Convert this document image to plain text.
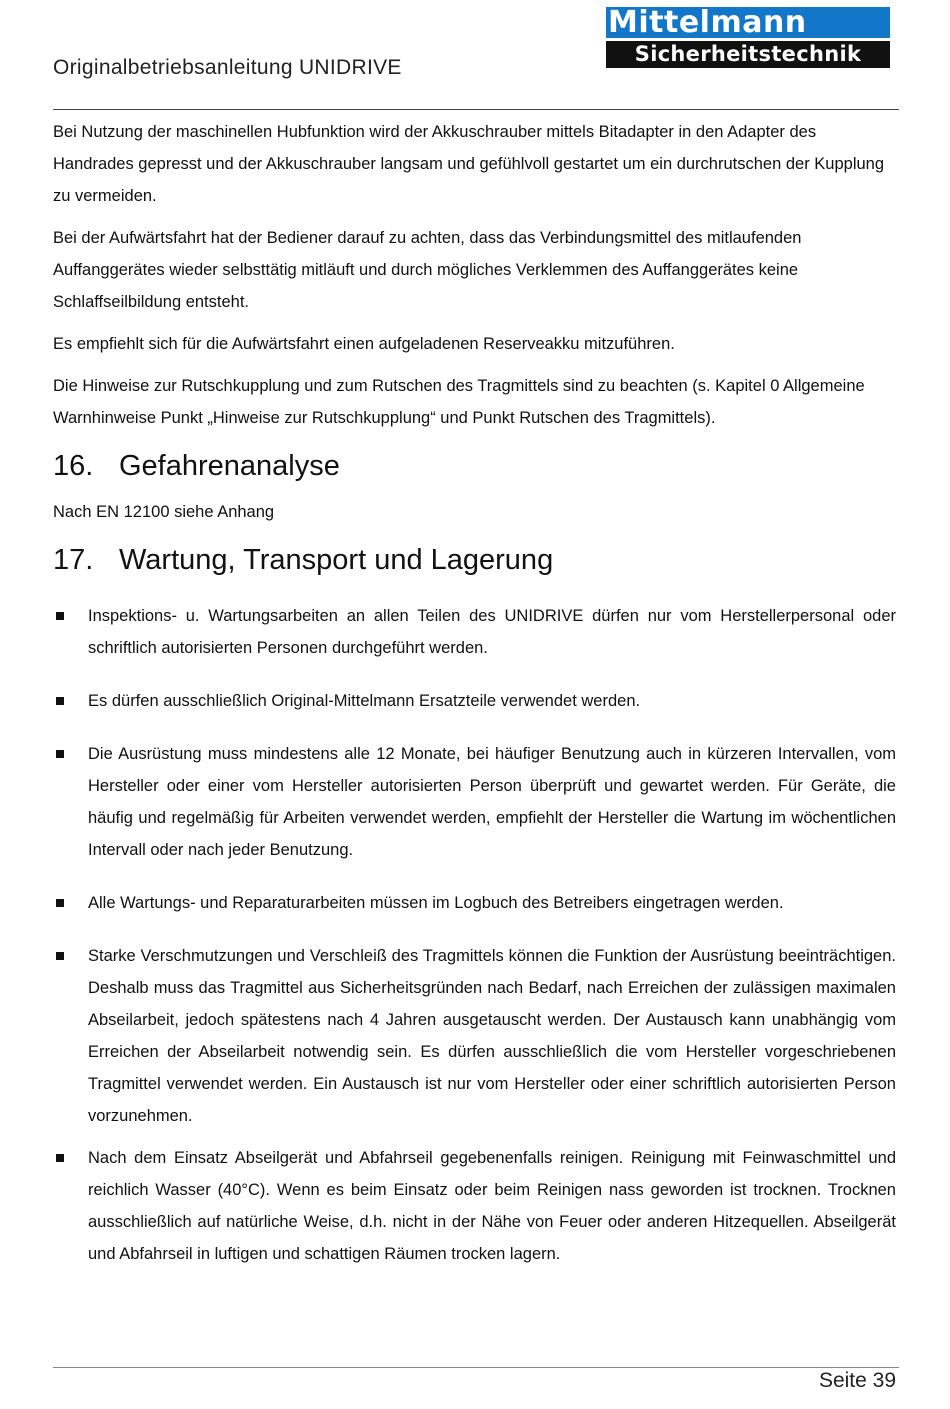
Originalbetriebsanleitung UNIDRIVE
Mittelmann
Sicherheitstechnik

Bei Nutzung der maschinellen Hubfunktion wird der Akkuschrauber mittels Bitadapter in den Adapter des Handrades gepresst und der Akkuschrauber langsam und gefühlvoll gestartet um ein durchrutschen der Kupplung zu vermeiden.

Bei der Aufwärtsfahrt hat der Bediener darauf zu achten, dass das Verbindungsmittel des mitlaufenden Auffanggerätes wieder selbsttätig mitläuft und durch mögliches Verklemmen des Auffanggerätes keine Schlaffseilbildung entsteht.

Es empfiehlt sich für die Aufwärtsfahrt einen aufgeladenen Reserveakku mitzuführen.

Die Hinweise zur Rutschkupplung und zum Rutschen des Tragmittels sind zu beachten (s. Kapitel 0 Allgemeine Warnhinweise Punkt „Hinweise zur Rutschkupplung“ und Punkt Rutschen des Tragmittels).

16. Gefahrenanalyse

Nach EN 12100 siehe Anhang

17. Wartung, Transport und Lagerung
Inspektions- u. Wartungsarbeiten an allen Teilen des UNIDRIVE dürfen nur vom Herstellerpersonal oder schriftlich autorisierten Personen durchgeführt werden.
Es dürfen ausschließlich Original-Mittelmann Ersatzteile verwendet werden.
Die Ausrüstung muss mindestens alle 12 Monate, bei häufiger Benutzung auch in kürzeren Intervallen, vom Hersteller oder einer vom Hersteller autorisierten Person überprüft und gewartet werden. Für Geräte, die häufig und regelmäßig für Arbeiten verwendet werden, empfiehlt der Hersteller die Wartung im wöchentlichen Intervall oder nach jeder Benutzung.
Alle Wartungs- und Reparaturarbeiten müssen im Logbuch des Betreibers eingetragen werden.
Starke Verschmutzungen und Verschleiß des Tragmittels können die Funktion der Ausrüstung beeinträchtigen. Deshalb muss das Tragmittel aus Sicherheitsgründen nach Bedarf, nach Erreichen der zulässigen maximalen Abseilarbeit, jedoch spätestens nach 4 Jahren ausgetauscht werden. Der Austausch kann unabhängig vom Erreichen der Abseilarbeit notwendig sein. Es dürfen ausschließlich die vom Hersteller vorgeschriebenen Tragmittel verwendet werden. Ein Austausch ist nur vom Hersteller oder einer schriftlich autorisierten Person vorzunehmen.
Nach dem Einsatz Abseilgerät und Abfahrseil gegebenenfalls reinigen. Reinigung mit Feinwaschmittel und reichlich Wasser (40°C). Wenn es beim Einsatz oder beim Reinigen nass geworden ist trocknen. Trocknen ausschließlich auf natürliche Weise, d.h. nicht in der Nähe von Feuer oder anderen Hitzequellen. Abseilgerät und Abfahrseil in luftigen und schattigen Räumen trocken lagern.
Seite 39
